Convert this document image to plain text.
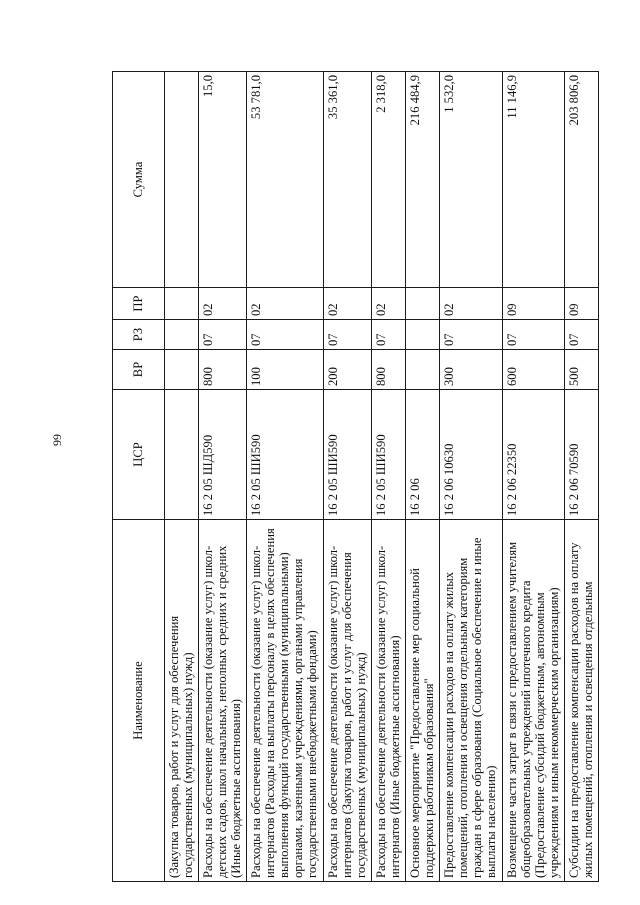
99
Наименование	ЦСР	ВР	РЗ	ПР	Сумма
(Закупка товаров, работ и услуг для обеспечения государственных (муниципальных) нужд)					
Расходы на обеспечение деятельности (оказание услуг) школ-детских садов, школ начальных, неполных средних и средних (Иные бюджетные ассигнования)	16 2 05 ШД590	800	07	02	15,0
Расходы на обеспечение деятельности (оказание услуг) школ-интернатов (Расходы на выплаты персоналу в целях обеспечения выполнения функций государственными (муниципальными) органами, казенными учреждениями, органами управления государственными внебюджетными фондами)	16 2 05 ШИ590	100	07	02	53 781,0
Расходы на обеспечение деятельности (оказание услуг) школ-интернатов (Закупка товаров, работ и услуг для обеспечения государственных (муниципальных) нужд)	16 2 05 ШИ590	200	07	02	35 361,0
Расходы на обеспечение деятельности (оказание услуг) школ-интернатов (Иные бюджетные ассигнования)	16 2 05 ШИ590	800	07	02	2 318,0
Основное мероприятие "Предоставление мер социальной поддержки работникам образования"	16 2 06				216 484,9
Предоставление компенсации расходов на оплату жилых помещений, отопления и освещения отдельным категориям граждан в сфере образования (Социальное обеспечение и иные выплаты населению)	16 2 06 10630	300	07	02	1 532,0
Возмещение части затрат в связи с предоставлением учителям общеобразовательных учреждений ипотечного кредита (Предоставление субсидий бюджетным, автономным учреждениям и иным некоммерческим организациям)	16 2 06 22350	600	07	09	11 146,9
Субсидии на предоставление компенсации расходов на оплату жилых помещений, отопления и освещения отдельным	16 2 06 70590	500	07	09	203 806,0
